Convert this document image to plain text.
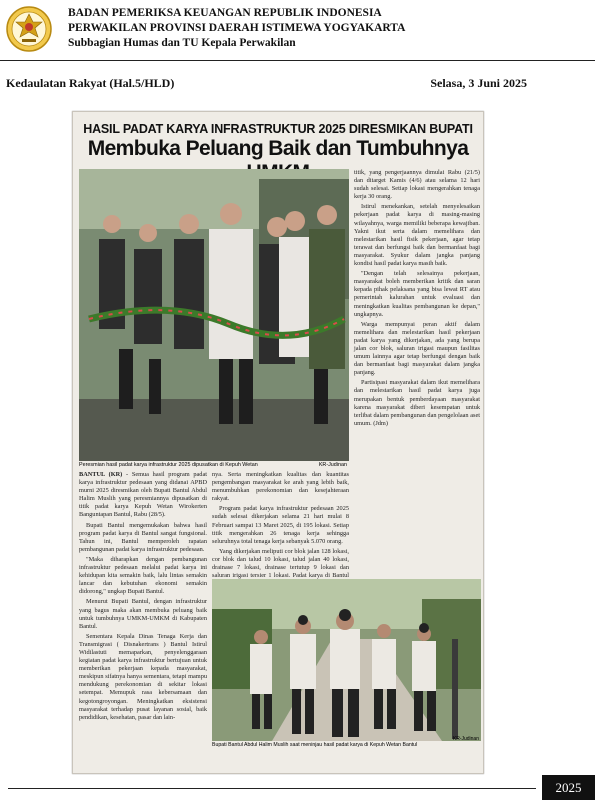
BADAN PEMERIKSA KEUANGAN REPUBLIK INDONESIA
PERWAKILAN PROVINSI DAERAH ISTIMEWA YOGYAKARTA
Subbagian Humas dan TU Kepala Perwakilan
Kedaulatan Rakyat (Hal.5/HLD)	Selasa, 3 Juni 2025
HASIL PADAT KARYA INFRASTRUKTUR 2025 DIRESMIKAN BUPATI
Membuka Peluang Baik dan Tumbuhnya
Peresmian hasil padat karya infrastruktur 2025 dipusatkan di Kepuh Wetan	KR-Judinan

BANTUL (KR) - Semua hasil program padat karya infrastruktur pedesaan yang didanai APBD murni 2025 diresmikan oleh Bupati Bantul Abdul Halim Muslih yang peresmiannya dipusatkan di titik padat karya Kepuh Wetan Wirokerten Banguntapan Bantul, Rabu (28/5).

Bupati Bantul mengemukakan bahwa hasil program padat karya di Bantul sangat fungsional. Tahun ini, Bantul memperoleh rapatan pembangunan padat karya infrastruktur pedesaan.

"Maka diharapkan dengan pembangunan infrastruktur pedesaan melalui padat karya ini kehidupan kita semakin baik, lalu lintas semakin lancar dan kebutuhan ekonomi semakin didorong," ungkap Bupati Bantul.

Menurut Bupati Bantul, dengan infrastruktur yang bagus maka akan membuka peluang baik untuk tumbuhnya UMKM-UMKM di Kabupaten Bantul.

Sementara Kepala Dinas Tenaga Kerja dan Transmigrasi ( Disnakertrans ) Bantul Istirul Widilastuti memaparkan, penyelenggaraan kegiatan padat karya infrastruktur bertujuan untuk memberikan pekerjaan kepada masyarakat, meskipun sifatnya hanya sementara, tetapi mampu mendukung perekonomian di sekitar lokasi setempat. Memupuk rasa kebersamaan dan kegotongroyongan. Meningkatkan eksistensi masyarakat terhadap pusat layanan sosial, baik pendidikan, kesehatan, pasar dan lain-

nya. Serta meningkatkan kualitas dan kuantitas pengembangan masyarakat ke arah yang lebih baik, menumbuhkan perekonomian dan kesejahteraan rakyat.

Program padat karya infrastruktur pedesaan 2025 sudah selesai dikerjakan selama 21 hari mulai 8 Februari sampai 13 Maret 2025, di 195 lokasi. Setiap titik mengerahkan 26 tenaga kerja sehingga seluruhnya total tenaga kerja sebanyak 5.070 orang.

Yang dikerjakan meliputi cor blok jalan 128 lokasi, cor blok dan talud 10 lokasi, talud jalan 40 lokasi, drainase 7 lokasi, drainase tertutup 9 lokasi dan saluran irigasi tersier 1 lokasi. Padat karya di Bantul

titik, yang pengerjaannya dimulai Rabu (21/5) dan ditarget Kamis (4/6) atau selama 12 hari sudah selesai. Setiap lokasi mengerahkan tenaga kerja 30 orang.

Istirul menekankan, setelah menyelesaikan pekerjaan padat karya di masing-masing wilayahnya, warga memiliki beberapa kewajiban. Yakni ikut serta dalam memelihara dan melestarikan hasil fisik pekerjaan, agar tetap terawat dan berfungsi baik dan bermanfaat bagi masyarakat. Syukur dalam jangka panjang kondisi hasil padat karya masih baik.

"Dengan telah selesainya pekerjaan, masyarakat boleh memberikan kritik dan saran kepada pihak pelaksana yang bisa lewat RT atau pemerintah kalurahan untuk evaluasi dan meningkatkan kualitas pembangunan ke depan," ungkapnya.

Warga mempunyai peran aktif dalam memelihara dan melestarikan hasil pekerjaan padat karya yang dikerjakan, ada yang berupa jalan cor blok, saluran irigasi maupun fasilitas umum lainnya agar tetap berfungsi dengan baik dan bermanfaat bagi masyarakat dalam jangka panjang.

Partisipasi masyarakat dalam ikut memelihara dan melestarikan hasil padat karya juga merupakan bentuk pemberdayaan masyarakat karena masyarakat diberi kesempatan untuk terlibat dalam pembangunan dan pengelolaan aset umum. (Jdm)

Bupati Bantul Abdul Halim Muslih saat meninjau hasil padat karya di Kepuh Wetan Bantul
KR-Judinan
2025
